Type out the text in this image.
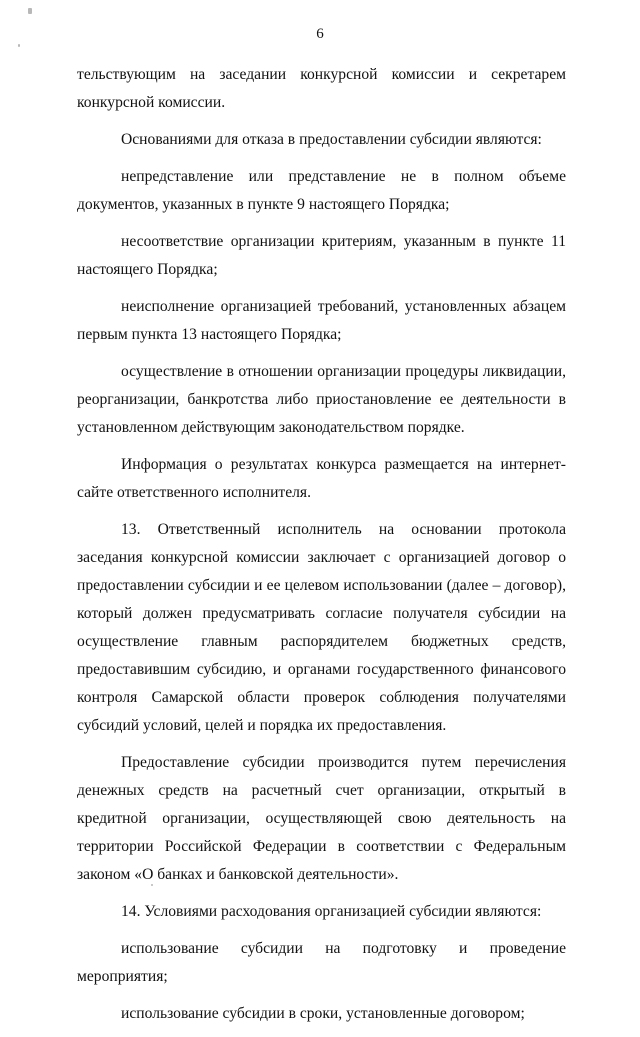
6

тельствующим на заседании конкурсной комиссии и секретарем конкурсной комиссии.

Основаниями для отказа в предоставлении субсидии являются:

непредставление или представление не в полном объеме документов, указанных в пункте 9 настоящего Порядка;

несоответствие организации критериям, указанным в пункте 11 настоящего Порядка;

неисполнение организацией требований, установленных абзацем первым пункта 13 настоящего Порядка;

осуществление в отношении организации процедуры ликвидации, реорганизации, банкротства либо приостановление ее деятельности в установленном действующим законодательством порядке.

Информация о результатах конкурса размещается на интернет-сайте ответственного исполнителя.

13. Ответственный исполнитель на основании протокола заседания конкурсной комиссии заключает с организацией договор о предоставлении субсидии и ее целевом использовании (далее – договор), который должен предусматривать согласие получателя субсидии на осуществление главным распорядителем бюджетных средств, предоставившим субсидию, и органами государственного финансового контроля Самарской области проверок соблюдения получателями субсидий условий, целей и порядка их предоставления.

Предоставление субсидии производится путем перечисления денежных средств на расчетный счет организации, открытый в кредитной организации, осуществляющей свою деятельность на территории Российской Федерации в соответствии с Федеральным законом «О банках и банковской деятельности».

14. Условиями расходования организацией субсидии являются:

использование субсидии на подготовку и проведение мероприятия;

использование субсидии в сроки, установленные договором;
